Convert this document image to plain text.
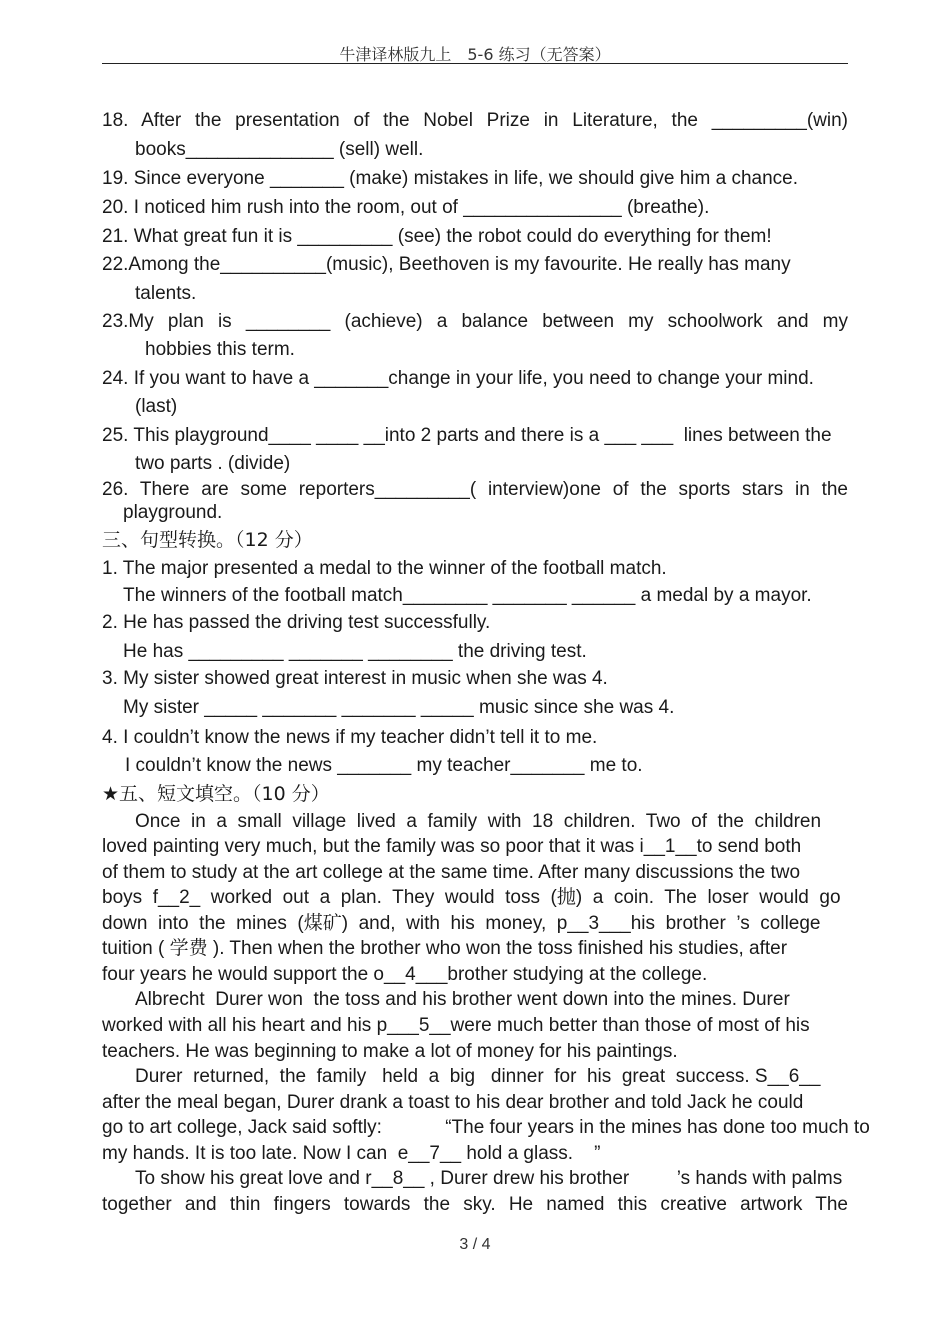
牛津译林版九上　5-6 练习（无答案）
18. After the presentation of the Nobel Prize in Literature, the _________(win)
books______________ (sell) well.
19. Since everyone _______ (make) mistakes in life, we should give him a chance.
20. I noticed him rush into the room, out of _______________ (breathe).
21. What great fun it is _________ (see) the robot could do everything for them!
22.Among the__________(music), Beethoven is my favourite. He really has many
talents.
23.My plan is ________ (achieve) a balance between my schoolwork and my
hobbies this term.
24. If you want to have a _______change in your life, you need to change your mind.
(last)
25. This playground____ ____ __into 2 parts and there is a ___ ___  lines between the
two parts . (divide)
26. There are some reporters_________( interview)one of the sports stars in the
playground.
三、句型转换。（12 分）
1. The major presented a medal to the winner of the football match.
The winners of the football match________ _______ ______ a medal by a mayor.
2. He has passed the driving test successfully.
He has _________ _______ ________ the driving test.
3. My sister showed great interest in music when she was 4.
My sister _____ _______ _______ _____ music since she was 4.
4. I couldn’t know the news if my teacher didn’t tell it to me.
I couldn’t know the news _______ my teacher_______ me to.
★五、短文填空。（10 分）
Once  in  a  small  village  lived  a  family  with  18  children.  Two  of  the  children
loved painting very much, but the family was so poor that it was i__1__to send both
of them to study at the art college at the same time. After many discussions the two
boys  f__2_  worked  out  a  plan.  They  would  toss  (抛)  a  coin.  The  loser  would  go
down  into  the  mines  (煤矿)  and,  with  his  money,  p__3___his  brother  ’s  college
tuition ( 学费 ). Then when the brother who won the toss finished his studies, after
four years he would support the o__4___brother studying at the college.
Albrecht  Durer won  the toss and his brother went down into the mines. Durer
worked with all his heart and his p___5__were much better than those of most of his
teachers. He was beginning to make a lot of money for his paintings.
Durer  returned,  the  family   held  a  big   dinner  for  his  great  success. S__6__
after the meal began, Durer drank a toast to his dear brother and told Jack he could
go to art college, Jack said softly:            “The four years in the mines has done too much to
my hands. It is too late. Now I can  e__7__ hold a glass.    ”
To show his great love and r__8__ , Durer drew his brother         ’s hands with palms
together and thin fingers towards the sky. He named this creative artwork The
3 / 4
